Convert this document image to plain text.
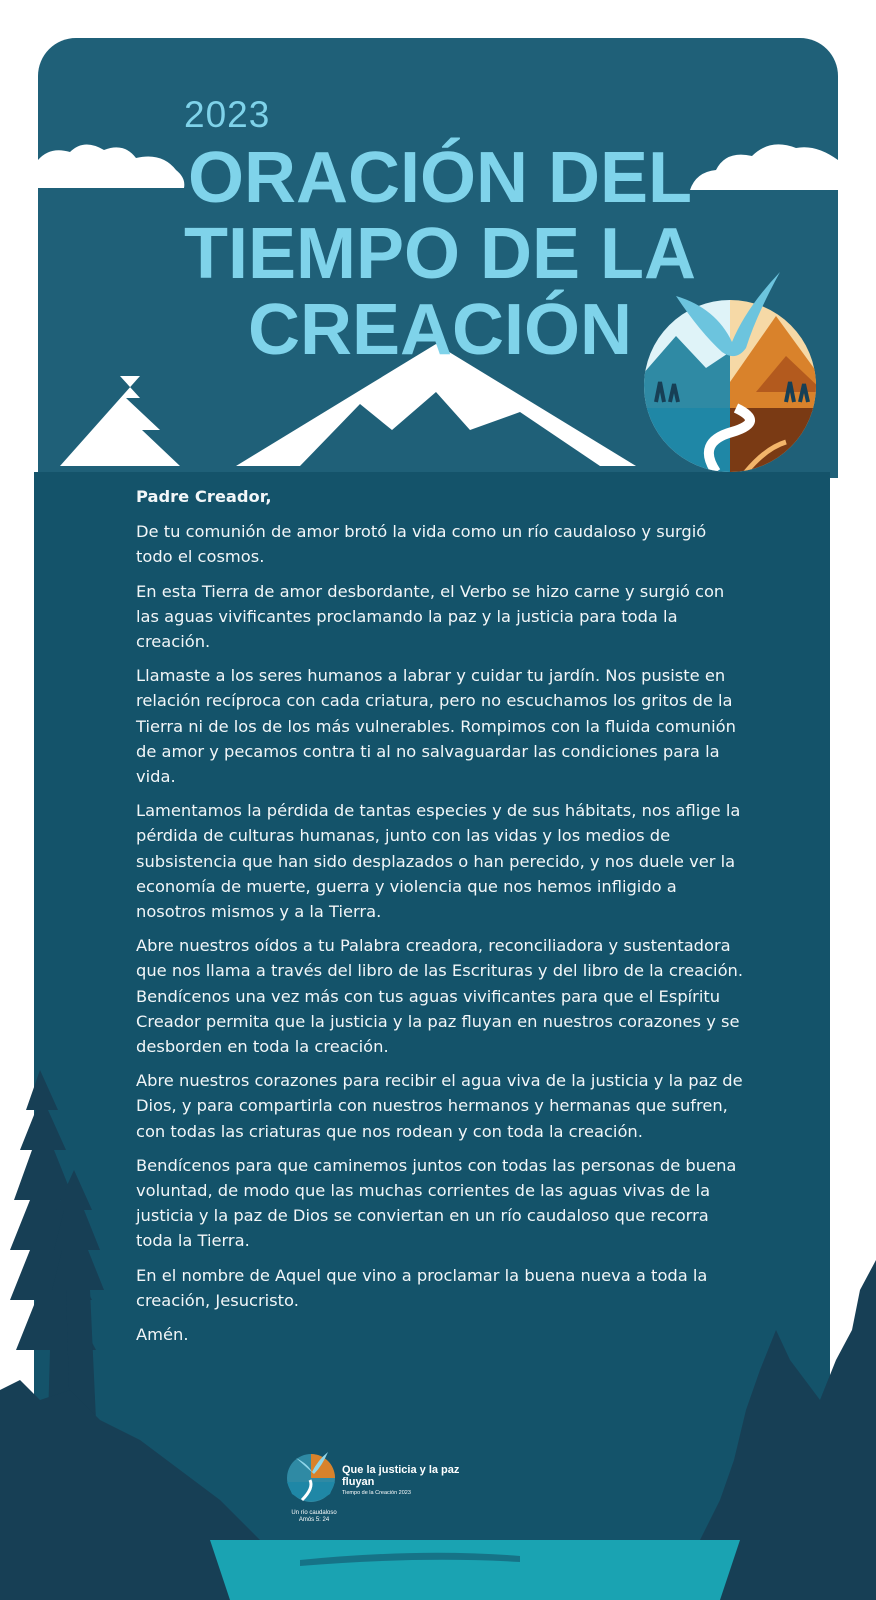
2023
ORACIÓN DEL
TIEMPO DE LA
CREACIÓN

Padre Creador,

De tu comunión de amor brotó la vida como un río caudaloso y surgió todo el cosmos.

En esta Tierra de amor desbordante, el Verbo se hizo carne y surgió con las aguas vivificantes proclamando la paz y la justicia para toda la creación.

Llamaste a los seres humanos a labrar y cuidar tu jardín. Nos pusiste en relación recíproca con cada criatura, pero no escuchamos los gritos de la Tierra ni de los de los más vulnerables. Rompimos con la fluida comunión de amor y pecamos contra ti al no salvaguardar las condiciones para la vida.

Lamentamos la pérdida de tantas especies y de sus hábitats, nos aflige la pérdida de culturas humanas, junto con las vidas y los medios de subsistencia que han sido desplazados o han perecido, y nos duele ver la economía de muerte, guerra y violencia que nos hemos infligido a nosotros mismos y a la Tierra.

Abre nuestros oídos a tu Palabra creadora, reconciliadora y sustentadora que nos llama a través del libro de las Escrituras y del libro de la creación. Bendícenos una vez más con tus aguas vivificantes para que el Espíritu Creador permita que la justicia y la paz fluyan en nuestros corazones y se desborden en toda la creación.

Abre nuestros corazones para recibir el agua viva de la justicia y la paz de Dios, y para compartirla con nuestros hermanos y hermanas que sufren, con todas las criaturas que nos rodean y con toda la creación.

Bendícenos para que caminemos juntos con todas las personas de buena voluntad, de modo que las muchas corrientes de las aguas vivas de la justicia y la paz de Dios se conviertan en un río caudaloso que recorra toda la Tierra.

En el nombre de Aquel que vino a proclamar la buena nueva a toda la creación, Jesucristo.

Amén.

Que la justicia y la paz fluyan
Tiempo de la Creación 2023
Un río caudaloso
Amós 5: 24
